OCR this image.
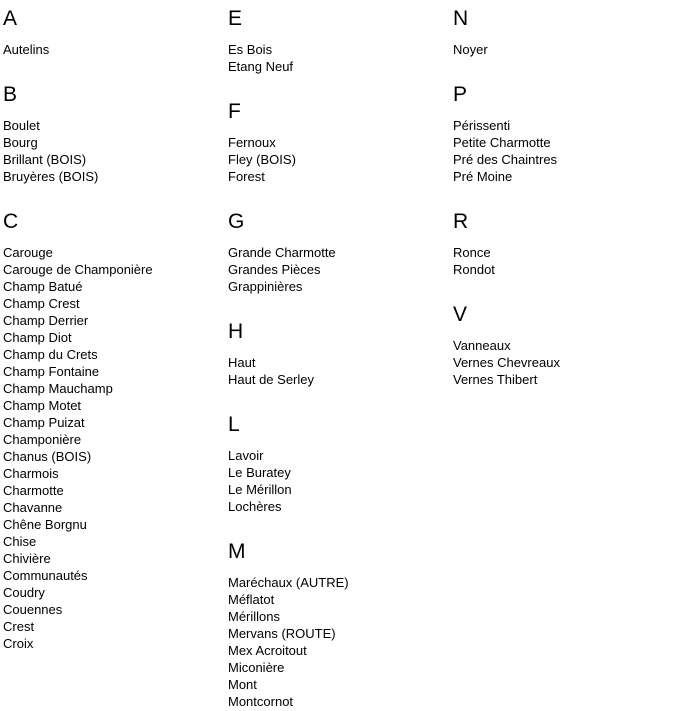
A
Autelins
B
Boulet
Bourg
Brillant (BOIS)
Bruyères (BOIS)
C
Carouge
Carouge de Champonière
Champ Batué
Champ Crest
Champ Derrier
Champ Diot
Champ du Crets
Champ Fontaine
Champ Mauchamp
Champ Motet
Champ Puizat
Champonière
Chanus (BOIS)
Charmois
Charmotte
Chavanne
Chêne Borgnu
Chise
Chivière
Communautés
Coudry
Couennes
Crest
Croix
E
Es Bois
Etang Neuf
F
Fernoux
Fley (BOIS)
Forest
G
Grande Charmotte
Grandes Pièces
Grappinières
H
Haut
Haut de Serley
L
Lavoir
Le Buratey
Le Mérillon
Lochères
M
Maréchaux (AUTRE)
Méflatot
Mérillons
Mervans (ROUTE)
Mex Acroitout
Miconière
Mont
Montcornot
N
Noyer
P
Périssenti
Petite Charmotte
Pré des Chaintres
Pré Moine
R
Ronce
Rondot
V
Vanneaux
Vernes Chevreaux
Vernes Thibert
